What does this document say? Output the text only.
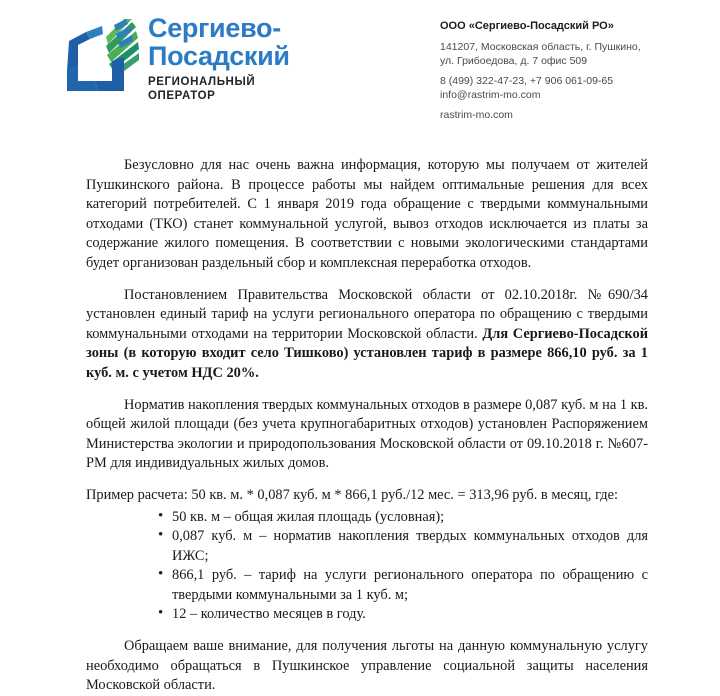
Сергиево-
Посадский
РЕГИОНАЛЬНЫЙ
ОПЕРАТОР
ООО «Сергиево-Посадский РО»
141207, Московская область, г. Пушкино,
ул. Грибоедова, д. 7 офис 509
8 (499) 322-47-23, +7 906 061-09-65
info@rastrim-mo.com
rastrim-mo.com

Безусловно для нас очень важна информация, которую мы получаем от жителей Пушкинского района. В процессе работы мы найдем оптимальные решения для всех категорий потребителей. С 1 января 2019 года обращение с твердыми коммунальными отходами (ТКО) станет коммунальной услугой, вывоз отходов исключается из платы за содержание жилого помещения. В соответствии с новыми экологическими стандартами будет организован раздельный сбор и комплексная переработка отходов.

Постановлением Правительства Московской области от 02.10.2018г. №690/34 установлен единый тариф на услуги регионального оператора по обращению с твердыми коммунальными отходами на территории Московской области. Для Сергиево-Посадской зоны (в которую входит село Тишково) установлен тариф в размере 866,10 руб. за 1 куб. м. с учетом НДС 20%.

Норматив накопления твердых коммунальных отходов в размере 0,087 куб. м на 1 кв. общей жилой площади (без учета крупногабаритных отходов) установлен Распоряжением Министерства экологии и природопользования Московской области от 09.10.2018 г. №607-РМ для индивидуальных жилых домов.

Пример расчета: 50 кв. м. * 0,087 куб. м * 866,1 руб./12 мес. = 313,96 руб. в месяц, где:

• 50 кв. м – общая жилая площадь (условная);
• 0,087 куб. м – норматив накопления твердых коммунальных отходов для ИЖС;
• 866,1 руб. – тариф на услуги регионального оператора по обращению с твердыми коммунальными за 1 куб. м;
• 12 – количество месяцев в году.

Обращаем ваше внимание, для получения льготы на данную коммунальную услугу необходимо обращаться в Пушкинское управление социальной защиты населения Московской области.
